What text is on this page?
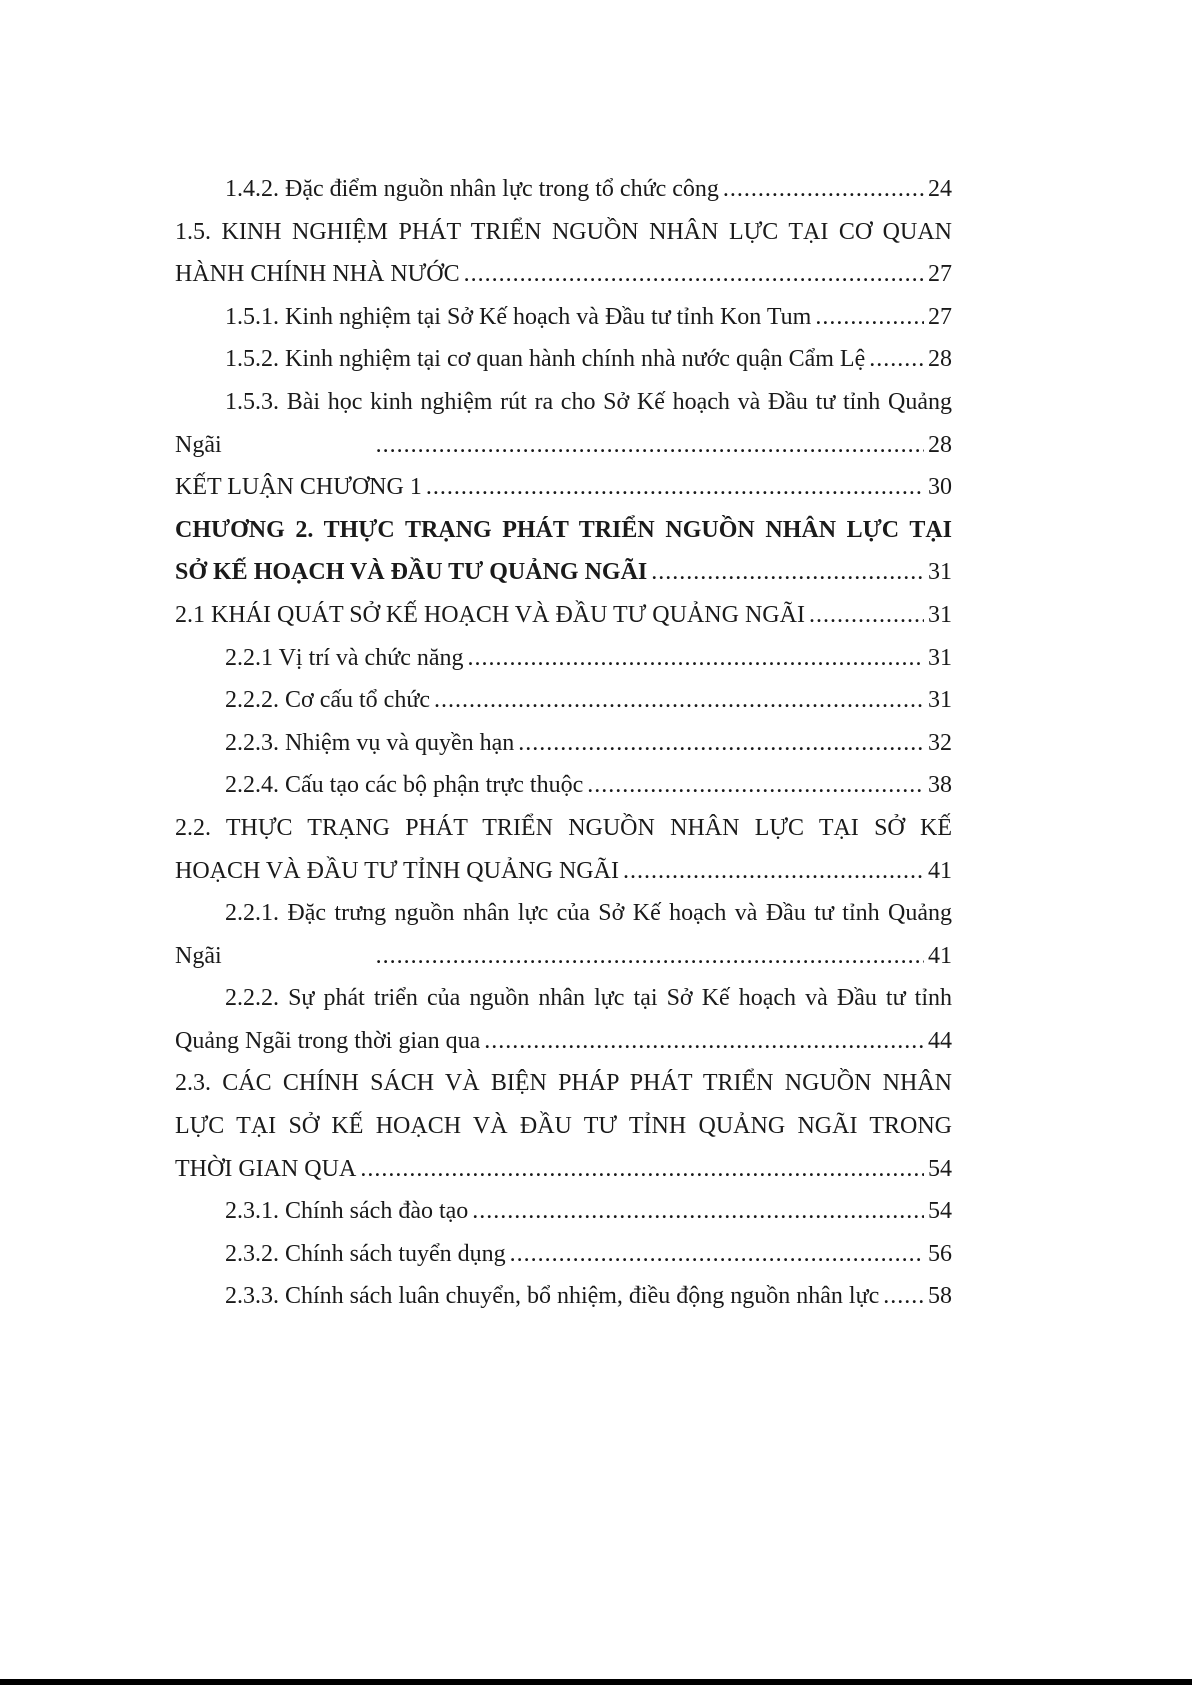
1.4.2. Đặc điểm nguồn nhân lực trong tổ chức công .....	24
1.5. KINH NGHIỆM PHÁT TRIỂN NGUỒN NHÂN LỰC TẠI CƠ QUAN
HÀNH CHÍNH NHÀ NƯỚC .....	27
1.5.1. Kinh nghiệm tại Sở Kế hoạch và Đầu tư tỉnh Kon Tum .....	27
1.5.2. Kinh nghiệm tại cơ quan hành chính nhà nước quận Cẩm Lệ .....	28
1.5.3. Bài học kinh nghiệm rút ra cho Sở Kế hoạch và Đầu tư tỉnh Quảng
Ngãi .....	28
KẾT LUẬN CHƯƠNG 1 .....	30
CHƯƠNG 2. THỰC TRẠNG PHÁT TRIỂN NGUỒN NHÂN LỰC TẠI
SỞ KẾ HOẠCH VÀ ĐẦU TƯ QUẢNG NGÃI .....	31
2.1 KHÁI QUÁT SỞ KẾ HOẠCH VÀ ĐẦU TƯ QUẢNG NGÃI .....	31
2.2.1 Vị trí và chức năng .....	31
2.2.2. Cơ cấu tổ chức .....	31
2.2.3. Nhiệm vụ và quyền hạn .....	32
2.2.4. Cấu tạo các bộ phận trực thuộc .....	38
2.2. THỰC TRẠNG PHÁT TRIỂN NGUỒN NHÂN LỰC TẠI SỞ KẾ
HOẠCH VÀ ĐẦU TƯ TỈNH QUẢNG NGÃI .....	41
2.2.1. Đặc trưng nguồn nhân lực của Sở Kế hoạch và Đầu tư tỉnh Quảng
Ngãi .....	41
2.2.2. Sự phát triển của nguồn nhân lực tại Sở Kế hoạch và Đầu tư tỉnh
Quảng Ngãi trong thời gian qua .....	44
2.3. CÁC CHÍNH SÁCH VÀ BIỆN PHÁP PHÁT TRIỂN NGUỒN NHÂN
LỰC TẠI SỞ KẾ HOẠCH VÀ ĐẦU TƯ TỈNH QUẢNG NGÃI TRONG
THỜI GIAN QUA .....	54
2.3.1. Chính sách đào tạo .....	54
2.3.2. Chính sách tuyển dụng .....	56
2.3.3. Chính sách luân chuyển, bổ nhiệm, điều động nguồn nhân lực ..... 58
